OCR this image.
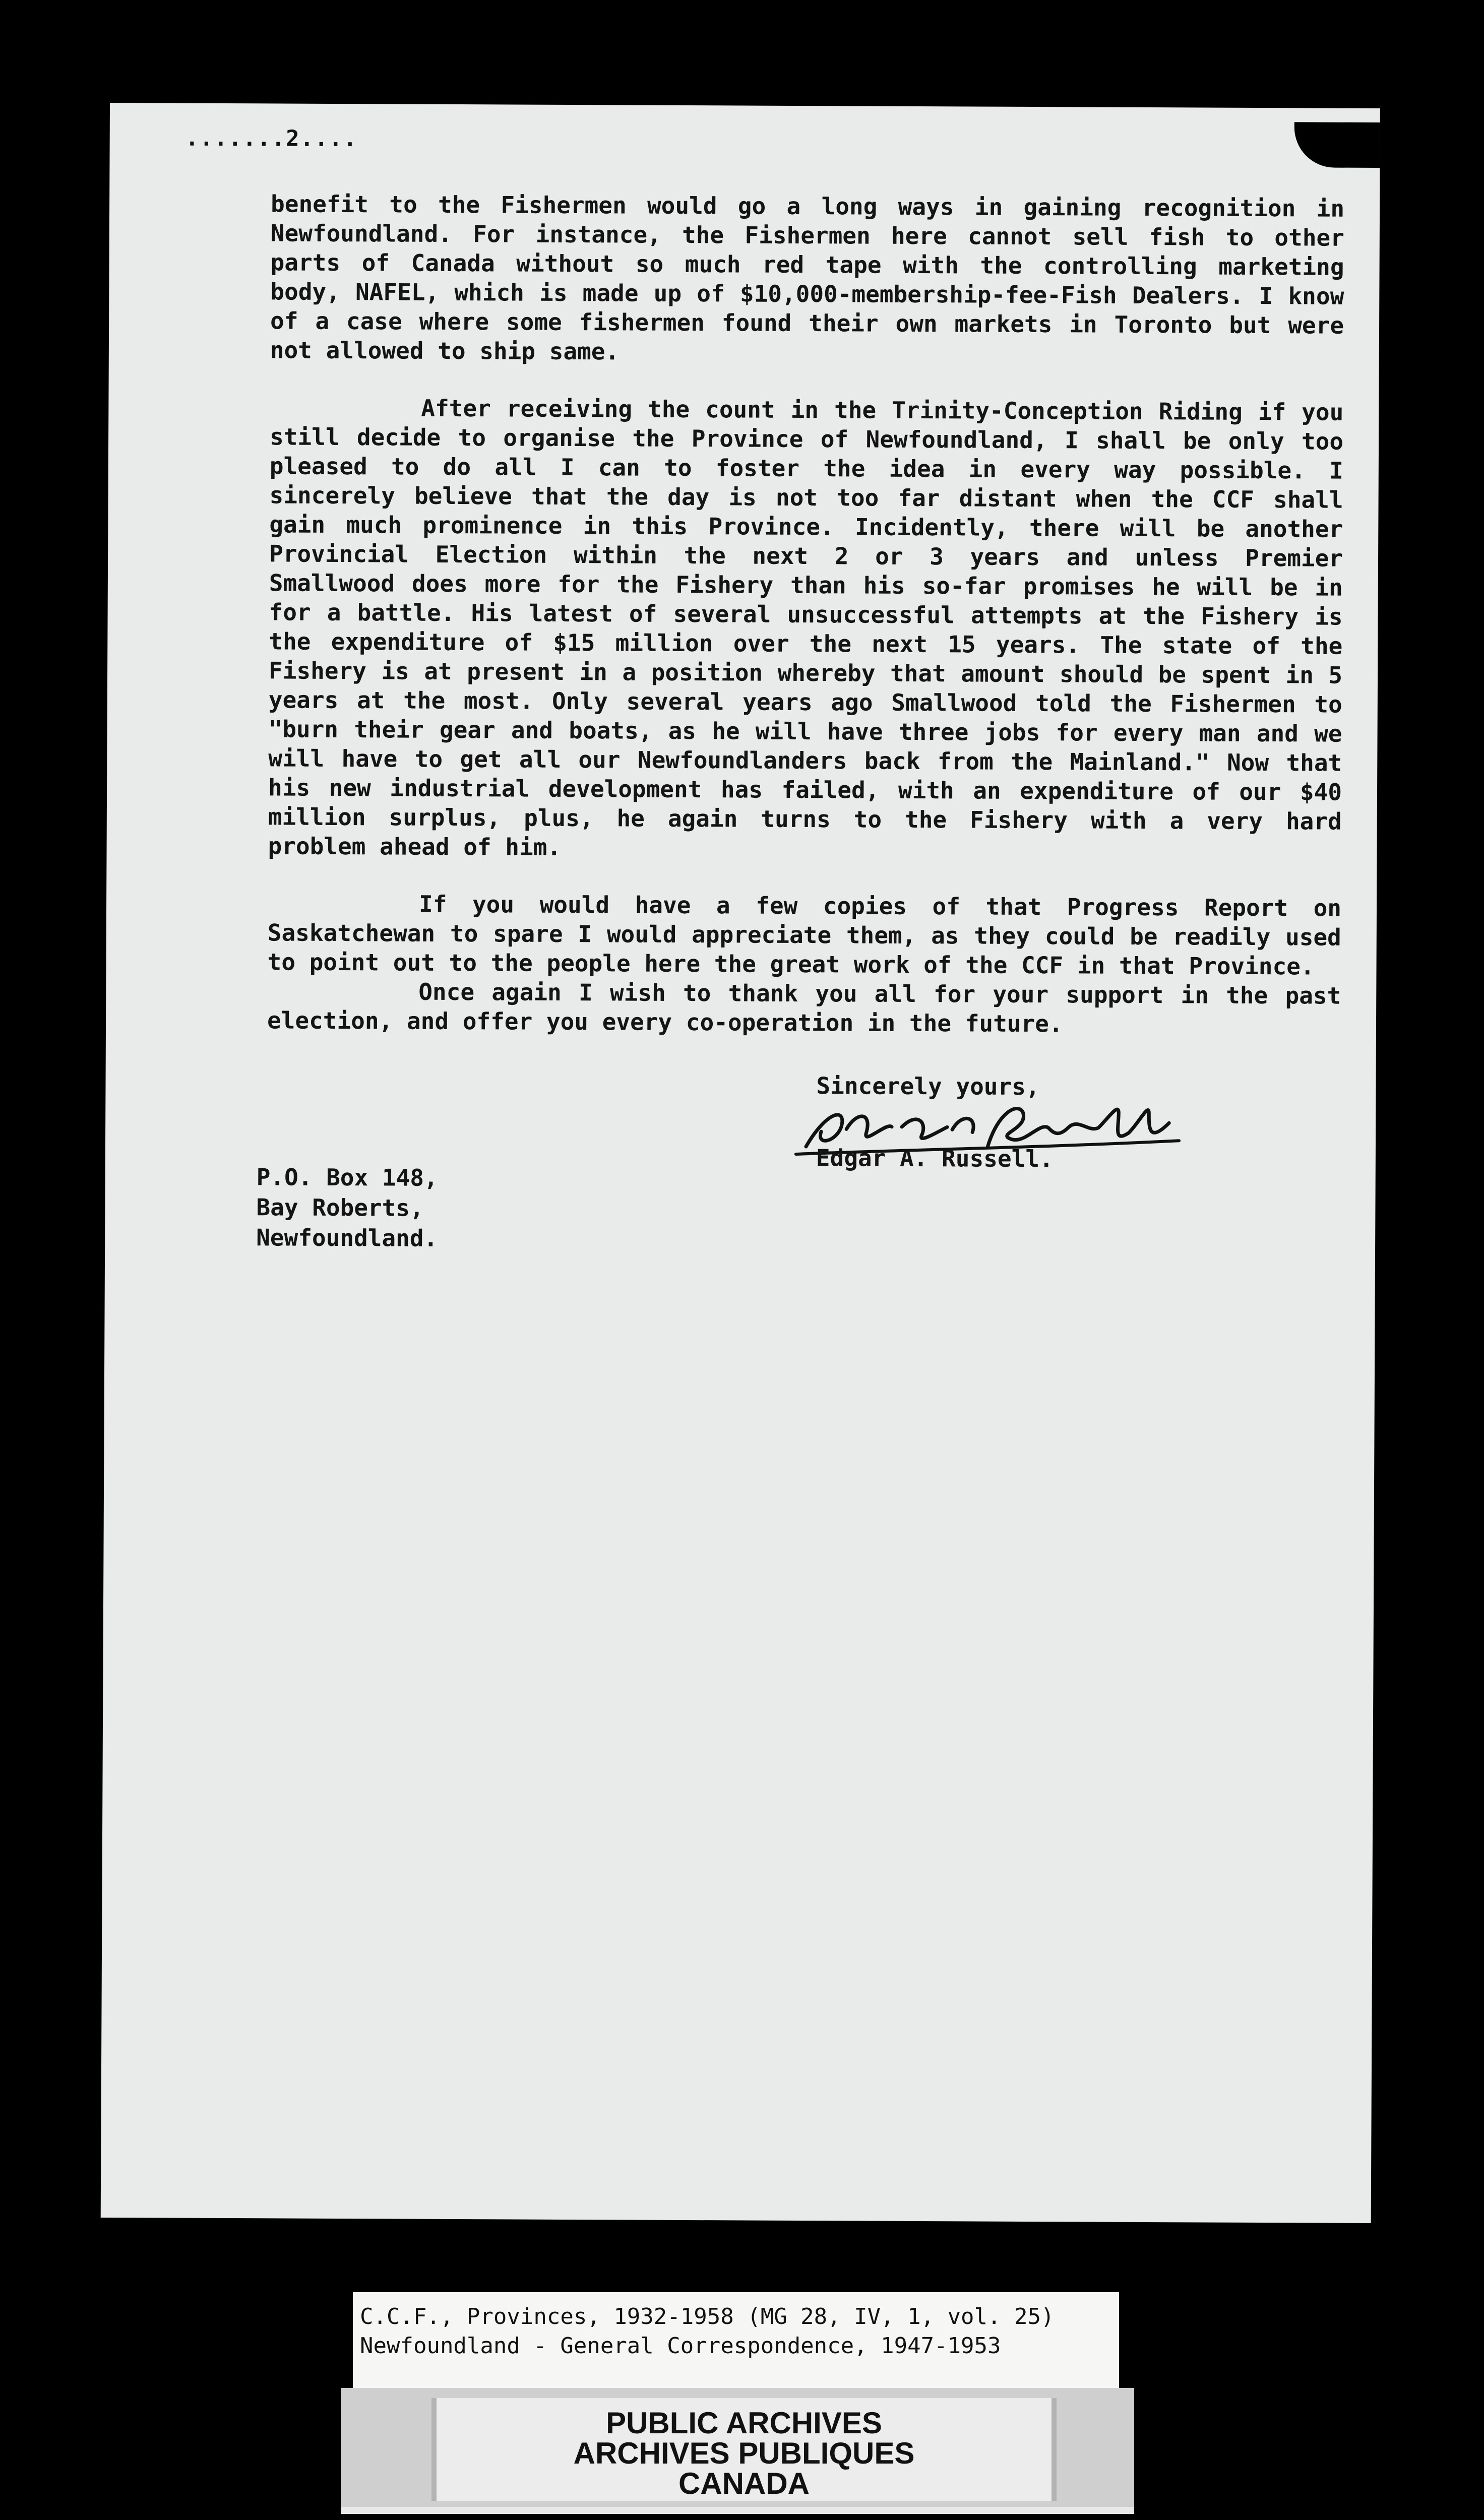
.......2....

benefit to the Fishermen would go a long ways in gaining recognition in Newfoundland. For instance, the Fishermen here cannot sell fish to other parts of Canada without so much red tape with the controlling marketing body, NAFEL, which is made up of $10,000-membership-fee-Fish Dealers. I know of a case where some fishermen found their own markets in Toronto but were not allowed to ship same.

After receiving the count in the Trinity-Conception Riding if you still decide to organise the Province of Newfoundland, I shall be only too pleased to do all I can to foster the idea in every way possible. I sincerely believe that the day is not too far distant when the CCF shall gain much prominence in this Province. Incidently, there will be another Provincial Election within the next 2 or 3 years and unless Premier Smallwood does more for the Fishery than his so-far promises he will be in for a battle. His latest of several unsuccessful attempts at the Fishery is the expenditure of $15 million over the next 15 years. The state of the Fishery is at present in a position whereby that amount should be spent in 5 years at the most. Only several years ago Smallwood told the Fishermen to "burn their gear and boats, as he will have three jobs for every man and we will have to get all our Newfoundlanders back from the Mainland." Now that his new industrial development has failed, with an expenditure of our $40 million surplus, plus, he again turns to the Fishery with a very hard problem ahead of him.

If you would have a few copies of that Progress Report on Saskatchewan to spare I would appreciate them, as they could be readily used to point out to the people here the great work of the CCF in that Province.

Once again I wish to thank you all for your support in the past election, and offer you every co-operation in the future.

Sincerely yours,
Edgar A. Russell.
P.O. Box 148,
Bay Roberts,
Newfoundland.
C.C.F., Provinces, 1932-1958 (MG 28, IV, 1, vol. 25)
Newfoundland - General Correspondence, 1947-1953
PUBLIC ARCHIVES
ARCHIVES PUBLIQUES
CANADA
